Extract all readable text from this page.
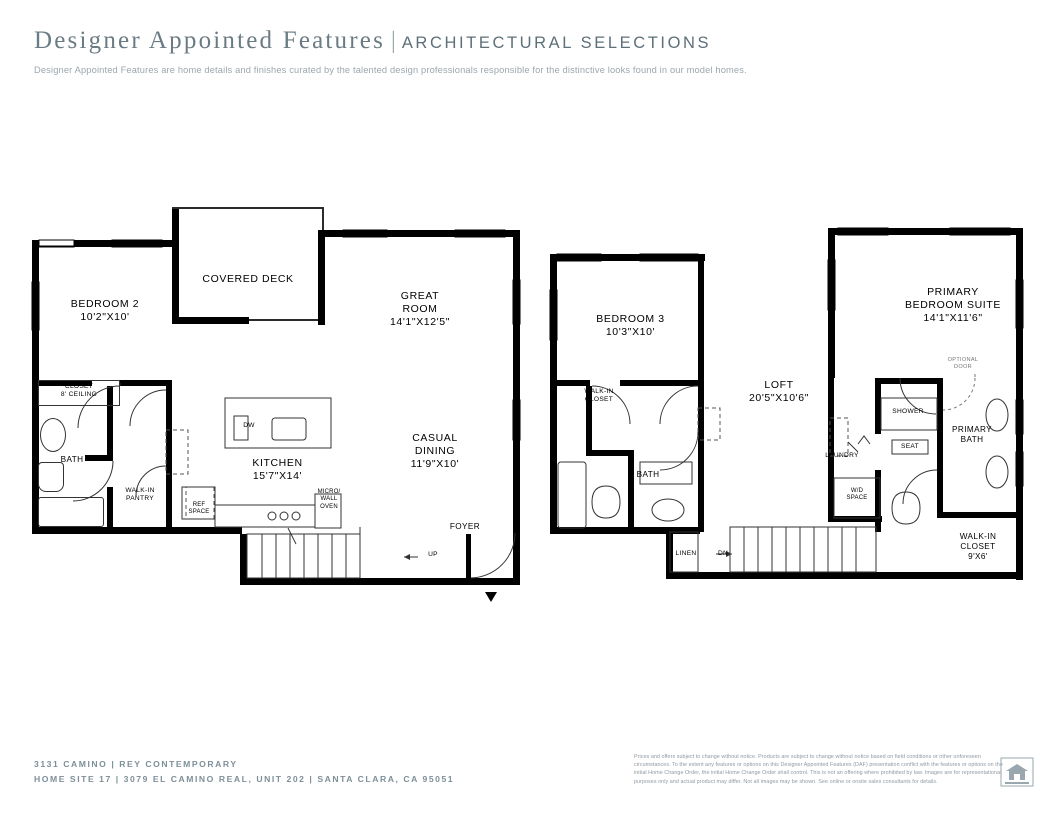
Designer Appointed Features | ARCHITECTURAL SELECTIONS
Designer Appointed Features are home details and finishes curated by the talented design professionals responsible for the distinctive looks found in our model homes.
BEDROOM 2
10'2"X10'
COVERED DECK
GREAT
ROOM
14'1"X12'5"
CASUAL
DINING
11'9"X10'
KITCHEN
15'7"X14'
BATH
CLOSET
8' CEILING
WALK-IN
PANTRY
FOYER
DW
REF
SPACE
MICRO/
WALL
OVEN
UP
BEDROOM 3
10'3"X10'
WALK-IN
CLOSET
BATH
LOFT
20'5"X10'6"
PRIMARY
BEDROOM SUITE
14'1"X11'6"
OPTIONAL
DOOR
SHOWER
SEAT
PRIMARY
BATH
WALK-IN
CLOSET
9'X6'
LAUNDRY
W/D
SPACE
LINEN	DN
3131 CAMINO | REY CONTEMPORARY
HOME SITE 17 | 3079 EL CAMINO REAL, UNIT 202 | SANTA CLARA, CA 95051
Prices and offers subject to change without notice. Products are subject to change without notice based on field conditions or other unforeseen circumstances. To the extent any features or options on this Designer Appointed Features (DAF) presentation conflict with the features or options on the initial Home Change Order, the initial Home Change Order shall control. This is not an offering where prohibited by law. Images are for representational purposes only and actual product may differ. Not all images may be shown. See online or onsite sales consultants for details.
